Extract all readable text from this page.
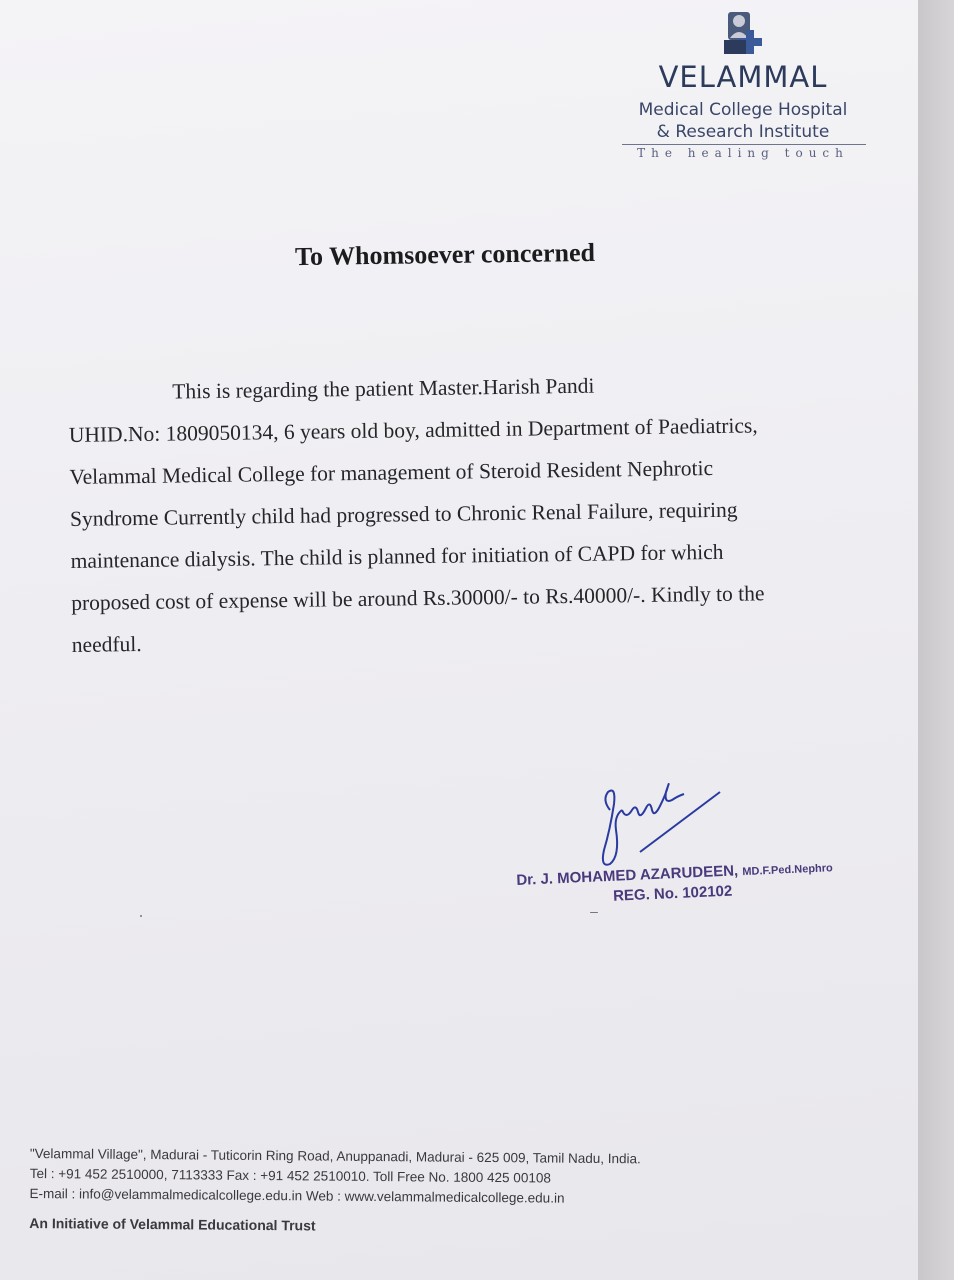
VELAMMAL
Medical College Hospital
& Research Institute
The healing touch
To Whomsoever concerned
This is regarding the patient Master.Harish Pandi
UHID.No: 1809050134, 6 years old boy, admitted in Department of Paediatrics,
Velammal Medical College for management of Steroid Resident Nephrotic
Syndrome Currently child had progressed to Chronic Renal Failure, requiring
maintenance dialysis. The child is planned for initiation of CAPD for which
proposed cost of expense will be around Rs.30000/- to Rs.40000/-. Kindly to the
needful.
Dr. J. MOHAMED AZARUDEEN, MD.F.Ped.Nephro
REG. No. 102102
"Velammal Village", Madurai - Tuticorin Ring Road, Anuppanadi, Madurai - 625 009, Tamil Nadu, India.
Tel : +91 452 2510000, 7113333 Fax : +91 452 2510010. Toll Free No. 1800 425 00108
E-mail : info@velammalmedicalcollege.edu.in Web : www.velammalmedicalcollege.edu.in
An Initiative of Velammal Educational Trust
